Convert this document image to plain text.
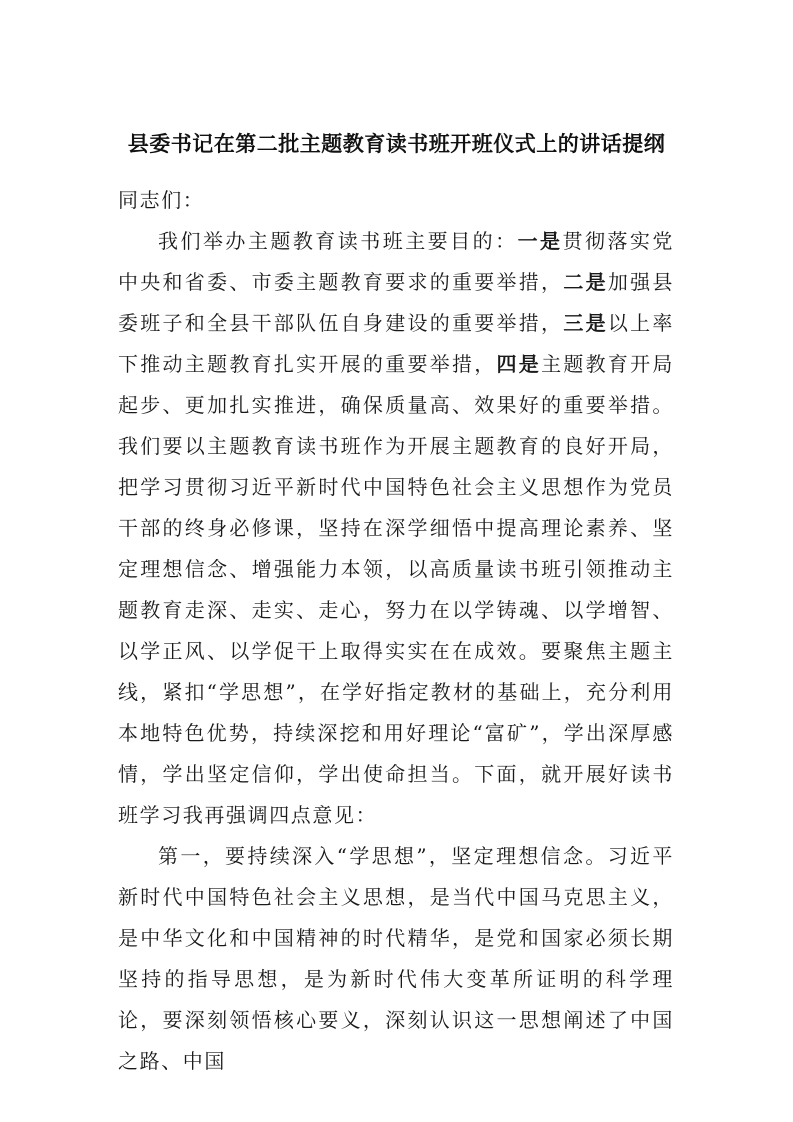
县委书记在第二批主题教育读书班开班仪式上的讲话提纲

同志们：

我们举办主题教育读书班主要目的：一是贯彻落实党中央和省委、市委主题教育要求的重要举措，二是加强县委班子和全县干部队伍自身建设的重要举措，三是以上率下推动主题教育扎实开展的重要举措，四是主题教育开局起步、更加扎实推进，确保质量高、效果好的重要举措。我们要以主题教育读书班作为开展主题教育的良好开局，把学习贯彻习近平新时代中国特色社会主义思想作为党员干部的终身必修课，坚持在深学细悟中提高理论素养、坚定理想信念、增强能力本领，以高质量读书班引领推动主题教育走深、走实、走心，努力在以学铸魂、以学增智、以学正风、以学促干上取得实实在在成效。要聚焦主题主线，紧扣“学思想”，在学好指定教材的基础上，充分利用本地特色优势，持续深挖和用好理论“富矿”，学出深厚感情，学出坚定信仰，学出使命担当。下面，就开展好读书班学习我再强调四点意见：

第一，要持续深入“学思想”，坚定理想信念。习近平新时代中国特色社会主义思想，是当代中国马克思主义，是中华文化和中国精神的时代精华，是党和国家必须长期坚持的指导思想，是为新时代伟大变革所证明的科学理论，要深刻领悟核心要义，深刻认识这一思想阐述了中国之路、中国
